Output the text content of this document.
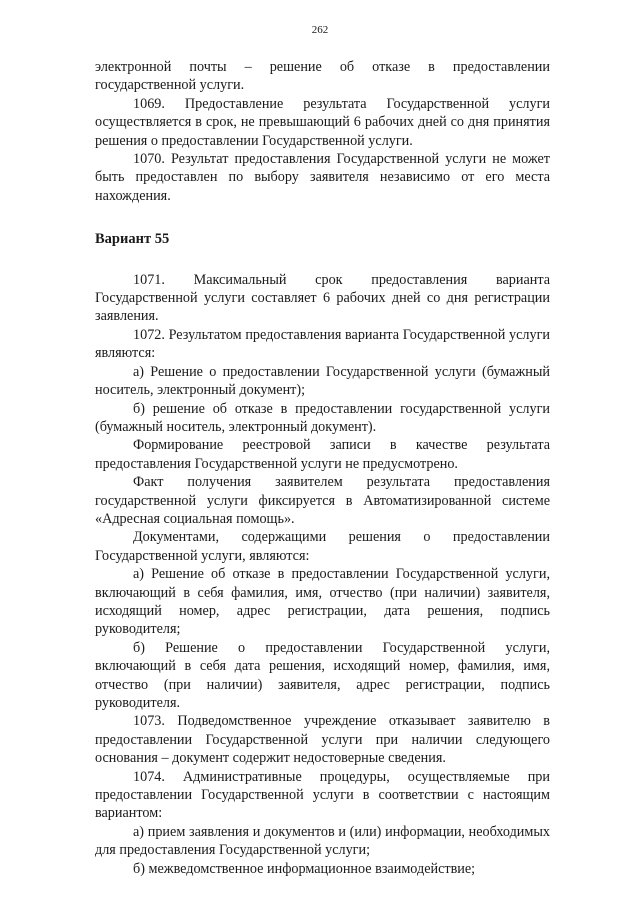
262

электронной почты – решение об отказе в предоставлении государственной услуги.

1069. Предоставление результата Государственной услуги осуществляется в срок, не превышающий 6 рабочих дней со дня принятия решения о предоставлении Государственной услуги.

1070. Результат предоставления Государственной услуги не может быть предоставлен по выбору заявителя независимо от его места нахождения.

Вариант 55

1071. Максимальный срок предоставления варианта Государственной услуги составляет 6 рабочих дней со дня регистрации заявления.

1072. Результатом предоставления варианта Государственной услуги являются:

а) Решение о предоставлении Государственной услуги (бумажный носитель, электронный документ);

б) решение об отказе в предоставлении государственной услуги (бумажный носитель, электронный документ).

Формирование реестровой записи в качестве результата предоставления Государственной услуги не предусмотрено.

Факт получения заявителем результата предоставления государственной услуги фиксируется в Автоматизированной системе «Адресная социальная помощь».

Документами, содержащими решения о предоставлении Государственной услуги, являются:

а) Решение об отказе в предоставлении Государственной услуги, включающий в себя фамилия, имя, отчество (при наличии) заявителя, исходящий номер, адрес регистрации, дата решения, подпись руководителя;

б) Решение о предоставлении Государственной услуги, включающий в себя дата решения, исходящий номер, фамилия, имя, отчество (при наличии) заявителя, адрес регистрации, подпись руководителя.

1073. Подведомственное учреждение отказывает заявителю в предоставлении Государственной услуги при наличии следующего основания – документ содержит недостоверные сведения.

1074. Административные процедуры, осуществляемые при предоставлении Государственной услуги в соответствии с настоящим вариантом:

а) прием заявления и документов и (или) информации, необходимых для предоставления Государственной услуги;

б) межведомственное информационное взаимодействие;
